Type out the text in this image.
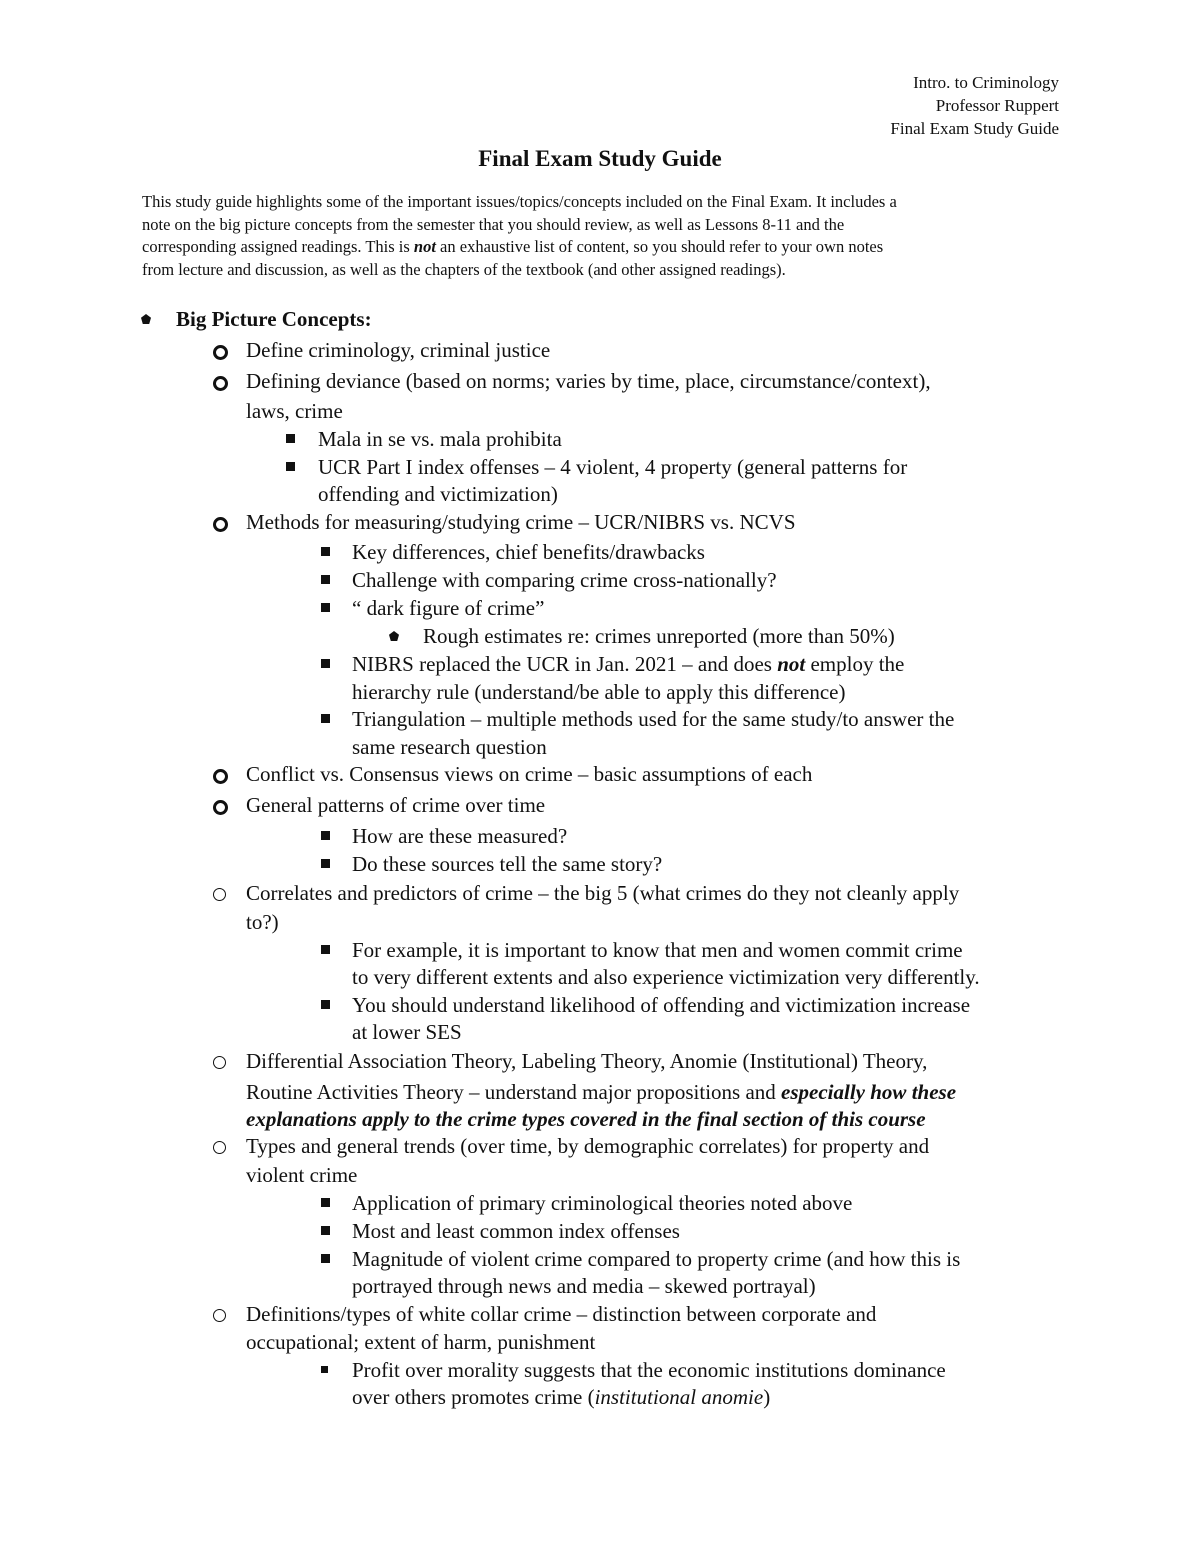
Intro. to Criminology
Professor Ruppert
Final Exam Study Guide
Final Exam Study Guide
This study guide highlights some of the important issues/topics/concepts included on the Final Exam. It includes a
note on the big picture concepts from the semester that you should review, as well as Lessons 8-11 and the
corresponding assigned readings. This is not an exhaustive list of content, so you should refer to your own notes
from lecture and discussion, as well as the chapters of the textbook (and other assigned readings).
Big Picture Concepts:
Define criminology, criminal justice
Defining deviance (based on norms; varies by time, place, circumstance/context),
laws, crime
Mala in se vs. mala prohibita
UCR Part I index offenses – 4 violent, 4 property (general patterns for
offending and victimization)
Methods for measuring/studying crime – UCR/NIBRS vs. NCVS
Key differences, chief benefits/drawbacks
Challenge with comparing crime cross-nationally?
“ dark figure of crime”
Rough estimates re: crimes unreported (more than 50%)
NIBRS replaced the UCR in Jan. 2021 – and does not employ the
hierarchy rule (understand/be able to apply this difference)
Triangulation – multiple methods used for the same study/to answer the
same research question
Conflict vs. Consensus views on crime – basic assumptions of each
General patterns of crime over time
How are these measured?
Do these sources tell the same story?
Correlates and predictors of crime – the big 5 (what crimes do they not cleanly apply
to?)
For example, it is important to know that men and women commit crime
to very different extents and also experience victimization very differently.
You should understand likelihood of offending and victimization increase
at lower SES
Differential Association Theory, Labeling Theory, Anomie (Institutional) Theory,
Routine Activities Theory – understand major propositions and especially how these
explanations apply to the crime types covered in the final section of this course
Types and general trends (over time, by demographic correlates) for property and
violent crime
Application of primary criminological theories noted above
Most and least common index offenses
Magnitude of violent crime compared to property crime (and how this is
portrayed through news and media – skewed portrayal)
Definitions/types of white collar crime – distinction between corporate and
occupational; extent of harm, punishment
Profit over morality suggests that the economic institutions dominance
over others promotes crime (institutional anomie)
